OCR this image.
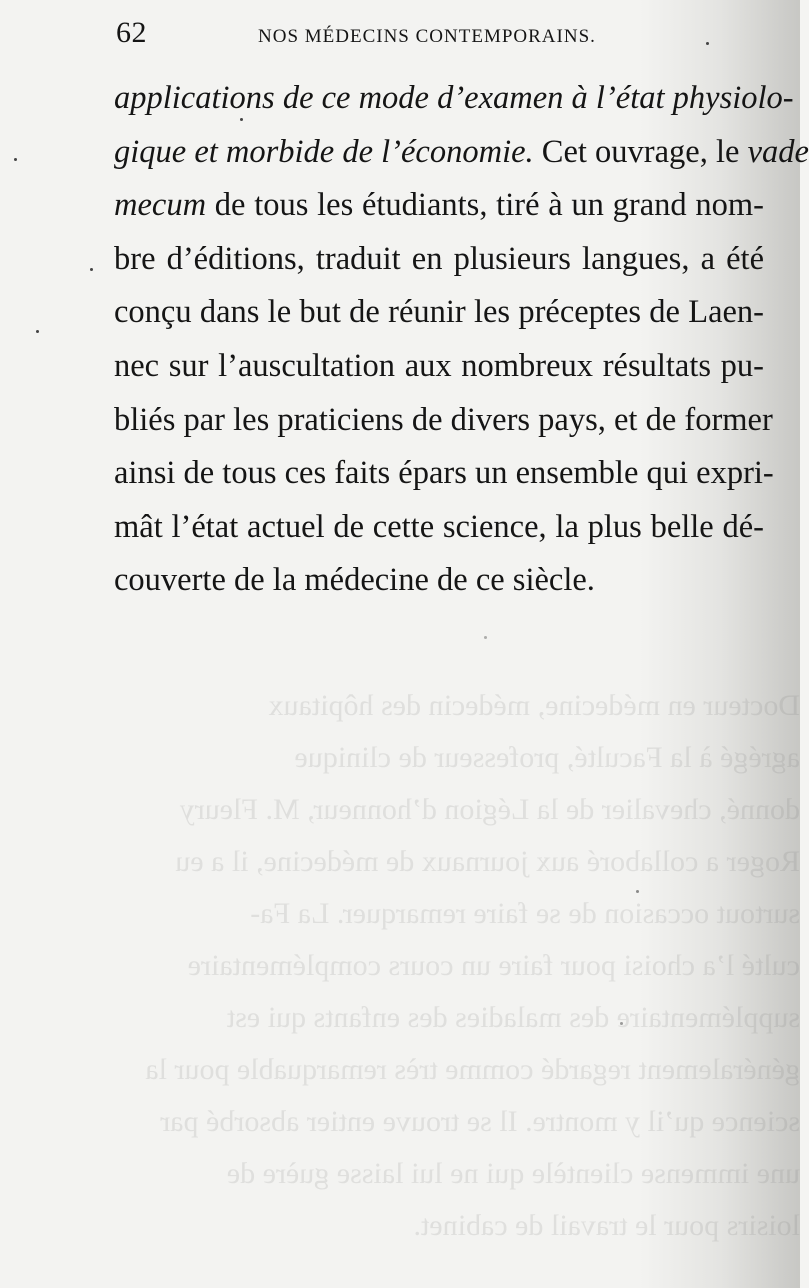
62	NOS MÉDECINS CONTEMPORAINS.
applications de ce mode d’examen à l’état physiolo-
gique et morbide de l’économie. Cet ouvrage, le vade
mecum de tous les étudiants, tiré à un grand nom-
bre d’éditions, traduit en plusieurs langues, a été
conçu dans le but de réunir les préceptes de Laen-
nec sur l’auscultation aux nombreux résultats pu-
bliés par les praticiens de divers pays, et de former
ainsi de tous ces faits épars un ensemble qui expri-
mât l’état actuel de cette science, la plus belle dé-
couverte de la médecine de ce siècle.
Docteur en médecine, médecin des hôpitaux
agrégé à la Faculté, professeur de clinique
donné, chevalier de la Légion d’honneur, M. Fleury
Roger a collaboré aux journaux de médecine, il a eu
surtout occasion de se faire remarquer. La Fa-
culté l’a choisi pour faire un cours complémentaire
supplémentaire des maladies des enfants qui est
généralement regardé comme très remarquable pour la
science qu’il y montre. Il se trouve entier absorbé par
une immense clientèle qui ne lui laisse guère de
loisirs pour le travail de cabinet.
